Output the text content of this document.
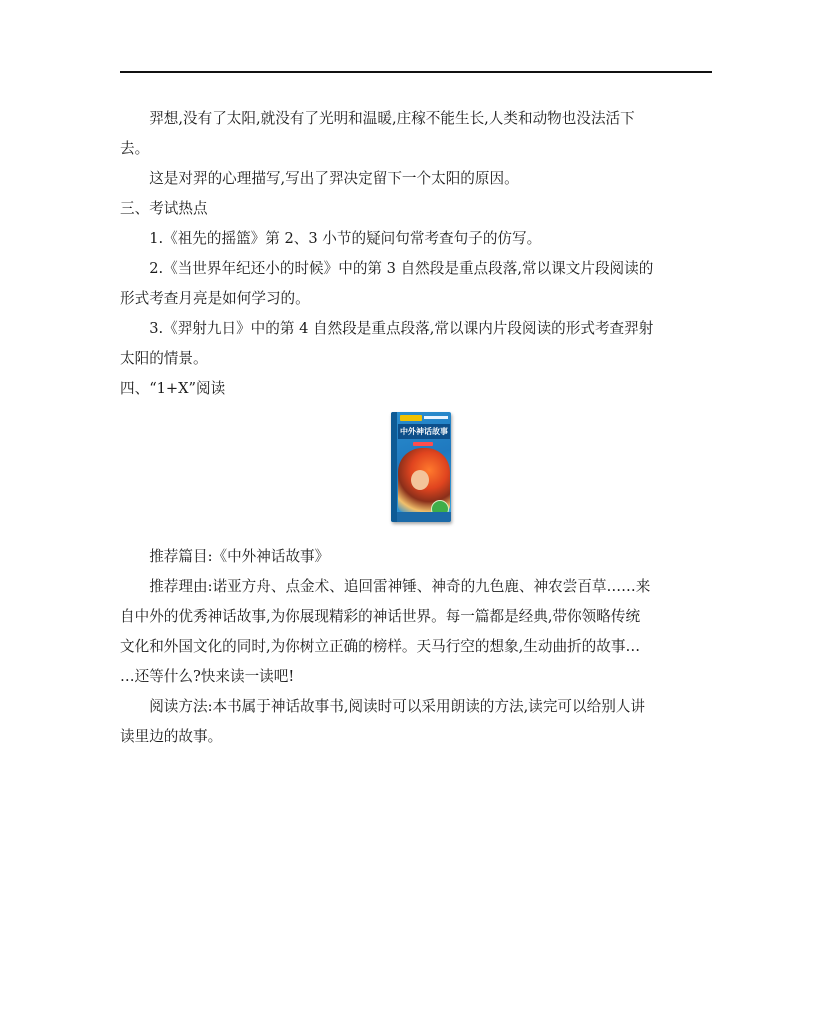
羿想,没有了太阳,就没有了光明和温暖,庄稼不能生长,人类和动物也没法活下

去。

这是对羿的心理描写,写出了羿决定留下一个太阳的原因。

三、考试热点

1.《祖先的摇篮》第 2、3 小节的疑问句常考查句子的仿写。

2.《当世界年纪还小的时候》中的第 3 自然段是重点段落,常以课文片段阅读的

形式考查月亮是如何学习的。

3.《羿射九日》中的第 4 自然段是重点段落,常以课内片段阅读的形式考查羿射

太阳的情景。

四、“1+X”阅读

中外神话故事

推荐篇目:《中外神话故事》

推荐理由:诺亚方舟、点金术、追回雷神锤、神奇的九色鹿、神农尝百草……来

自中外的优秀神话故事,为你展现精彩的神话世界。每一篇都是经典,带你领略传统

文化和外国文化的同时,为你树立正确的榜样。天马行空的想象,生动曲折的故事…

…还等什么?快来读一读吧!

阅读方法:本书属于神话故事书,阅读时可以采用朗读的方法,读完可以给别人讲

读里边的故事。
